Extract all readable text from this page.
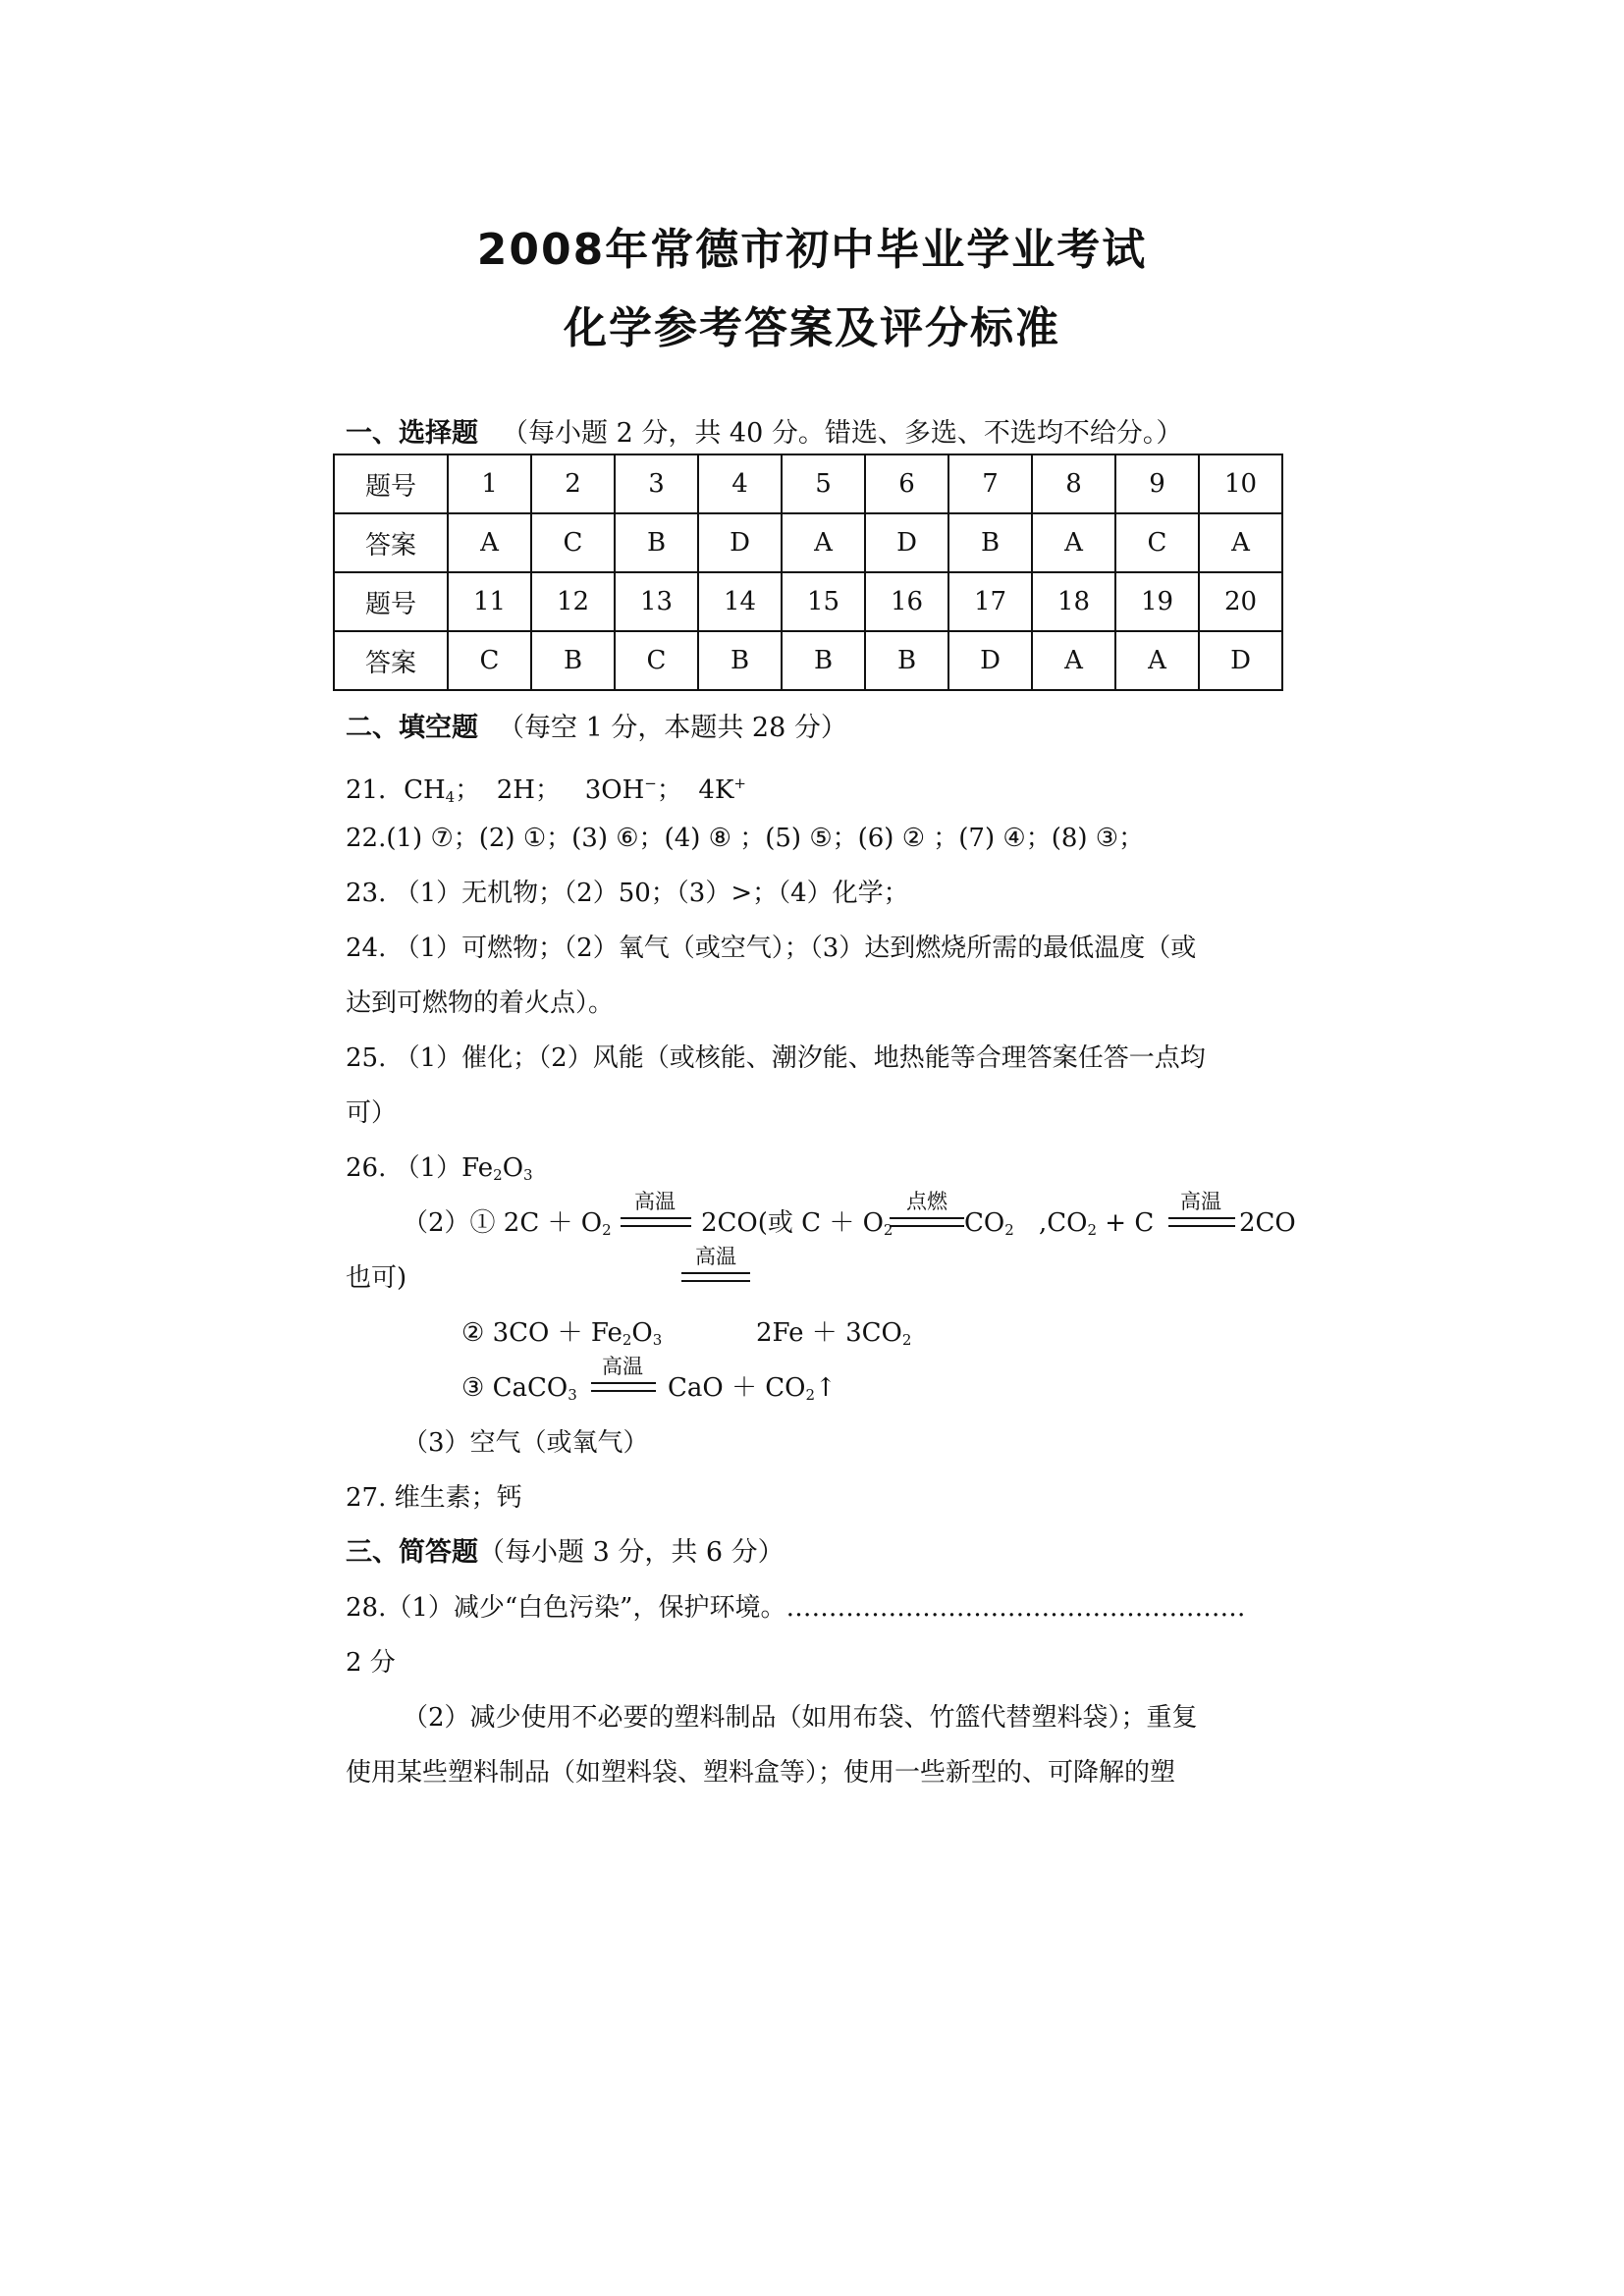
2008年常德市初中毕业学业考试
化学参考答案及评分标准
一、选择题 （每小题 2 分，共 40 分。错选、多选、不选均不给分。）
题号	1	2	3	4	5	6	7	8	9	10
答案	A	C	B	D	A	D	B	A	C	A
题号	11	12	13	14	15	16	17	18	19	20
答案	C	B	C	B	B	B	D	A	A	D
二、填空题 （每空 1 分，本题共 28 分）
21．$CH_4$；  2H；   3OH−；  4K+
22.(1) ⑦；(2) ①；(3) ⑥；(4) ⑧ ；(5) ⑤；(6) ② ；(7) ④；(8) ③；
23. （1）无机物；（2）50；（3）>；（4）化学；
24. （1）可燃物；（2）氧气（或空气）；（3）达到燃烧所需的最低温度（或
达到可燃物的着火点）。
25. （1）催化；（2）风能（或核能、潮汐能、地热能等合理答案任答一点均
可）
26. $(1)Fe_2O_3$
（2）① $2C + O_2$
高温
2CO(或 $C + O_2$
点燃
$CO_2$ $,CO_2 + C$
高温
2CO
高温
也可)
② $3CO + Fe_2O_3$	$2Fe + 3CO_2$
③ CaCO$_3$
高温
CaO ＋ $CO_2↑$
（3）空气（或氧气）
27. 维生素；钙
三、简答题（每小题 3 分，共 6 分）
28.（1）减少“白色污染”，保护环境。………………………………………………
2 分
（2）减少使用不必要的塑料制品（如用布袋、竹篮代替塑料袋）；重复
使用某些塑料制品（如塑料袋、塑料盒等）；使用一些新型的、可降解的塑
